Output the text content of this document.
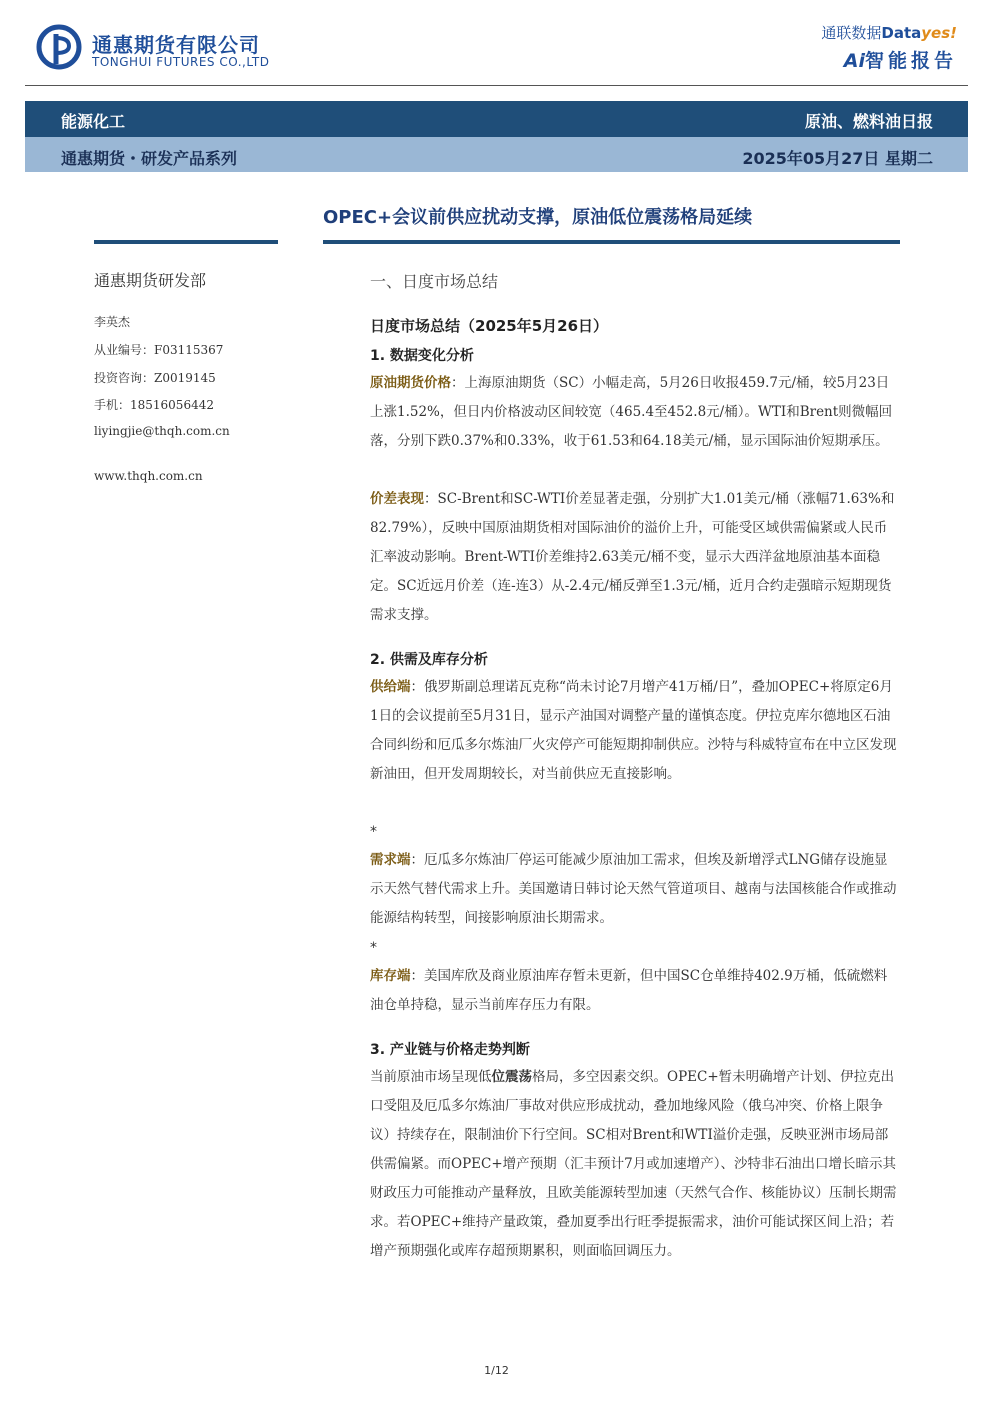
通惠期货有限公司
TONGHUI FUTURES CO.,LTD
通联数据Datayes!
Ai智能报告
能源化工	原油、燃料油日报
通惠期货・研发产品系列	2025年05月27日 星期二
OPEC+会议前供应扰动支撑，原油低位震荡格局延续
通惠期货研发部
李英杰
从业编号：F03115367
投资咨询：Z0019145
手机：18516056442
liyingjie@thqh.com.cn
www.thqh.com.cn
一、日度市场总结
日度市场总结（2025年5月26日）
1. 数据变化分析
原油期货价格：上海原油期货（SC）小幅走高，5月26日收报459.7元/桶，较5月23日上涨1.52%，但日内价格波动区间较宽（465.4至452.8元/桶）。WTI和Brent则微幅回落，分别下跌0.37%和0.33%，收于61.53和64.18美元/桶，显示国际油价短期承压。
价差表现：SC-Brent和SC-WTI价差显著走强，分别扩大1.01美元/桶（涨幅71.63%和82.79%），反映中国原油期货相对国际油价的溢价上升，可能受区域供需偏紧或人民币汇率波动影响。Brent-WTI价差维持2.63美元/桶不变，显示大西洋盆地原油基本面稳定。SC近远月价差（连-连3）从-2.4元/桶反弹至1.3元/桶，近月合约走强暗示短期现货需求支撑。
2. 供需及库存分析
供给端：俄罗斯副总理诺瓦克称“尚未讨论7月增产41万桶/日”，叠加OPEC+将原定6月1日的会议提前至5月31日，显示产油国对调整产量的谨慎态度。伊拉克库尔德地区石油合同纠纷和厄瓜多尔炼油厂火灾停产可能短期抑制供应。沙特与科威特宣布在中立区发现新油田，但开发周期较长，对当前供应无直接影响。
*
需求端：厄瓜多尔炼油厂停运可能减少原油加工需求，但埃及新增浮式LNG储存设施显示天然气替代需求上升。美国邀请日韩讨论天然气管道项目、越南与法国核能合作或推动能源结构转型，间接影响原油长期需求。
*
库存端：美国库欣及商业原油库存暂未更新，但中国SC仓单维持402.9万桶，低硫燃料油仓单持稳，显示当前库存压力有限。
3. 产业链与价格走势判断
当前原油市场呈现低位震荡格局，多空因素交织。OPEC+暂未明确增产计划、伊拉克出口受阻及厄瓜多尔炼油厂事故对供应形成扰动，叠加地缘风险（俄乌冲突、价格上限争议）持续存在，限制油价下行空间。SC相对Brent和WTI溢价走强，反映亚洲市场局部供需偏紧。而OPEC+增产预期（汇丰预计7月或加速增产）、沙特非石油出口增长暗示其财政压力可能推动产量释放，且欧美能源转型加速（天然气合作、核能协议）压制长期需求。若OPEC+维持产量政策，叠加夏季出行旺季提振需求，油价可能试探区间上沿；若增产预期强化或库存超预期累积，则面临回调压力。
1/12
